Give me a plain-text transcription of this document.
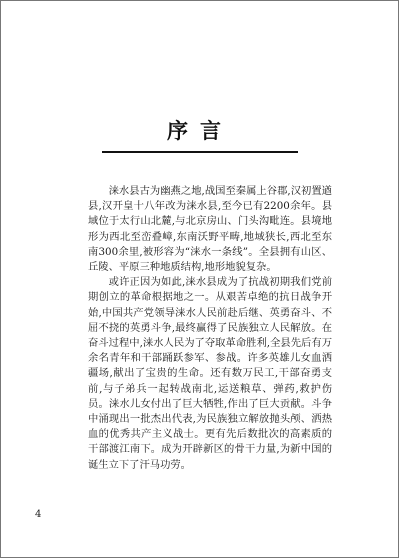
序言

涞水县古为幽燕之地,战国至秦属上谷郡,汉初置遒县,汉开皇十八年改为涞水县,至今已有2200余年。县域位于太行山北麓,与北京房山、门头沟毗连。县境地形为西北至峦叠嶂,东南沃野平畴,地域狭长,西北至东南300余里,被形容为“涞水一条线”。全县拥有山区、丘陵、平原三种地质结构,地形地貌复杂。

或许正因为如此,涞水县成为了抗战初期我们党前期创立的革命根据地之一。从艰苦卓绝的抗日战争开始,中国共产党领导涞水人民前赴后继、英勇奋斗、不屈不挠的英勇斗争,最终赢得了民族独立人民解放。在奋斗过程中,涞水人民为了夺取革命胜利,全县先后有万余名青年和干部踊跃参军、参战。许多英雄儿女血洒疆场,献出了宝贵的生命。还有数万民工,干部奋勇支前,与子弟兵一起转战南北,运送粮草、弹药,救护伤员。涞水儿女付出了巨大牺牲,作出了巨大贡献。斗争中涌现出一批杰出代表,为民族独立解放抛头颅、洒热血的优秀共产主义战士。更有先后数批次的高素质的干部渡江南下。成为开辟新区的骨干力量,为新中国的诞生立下了汗马功劳。

4
